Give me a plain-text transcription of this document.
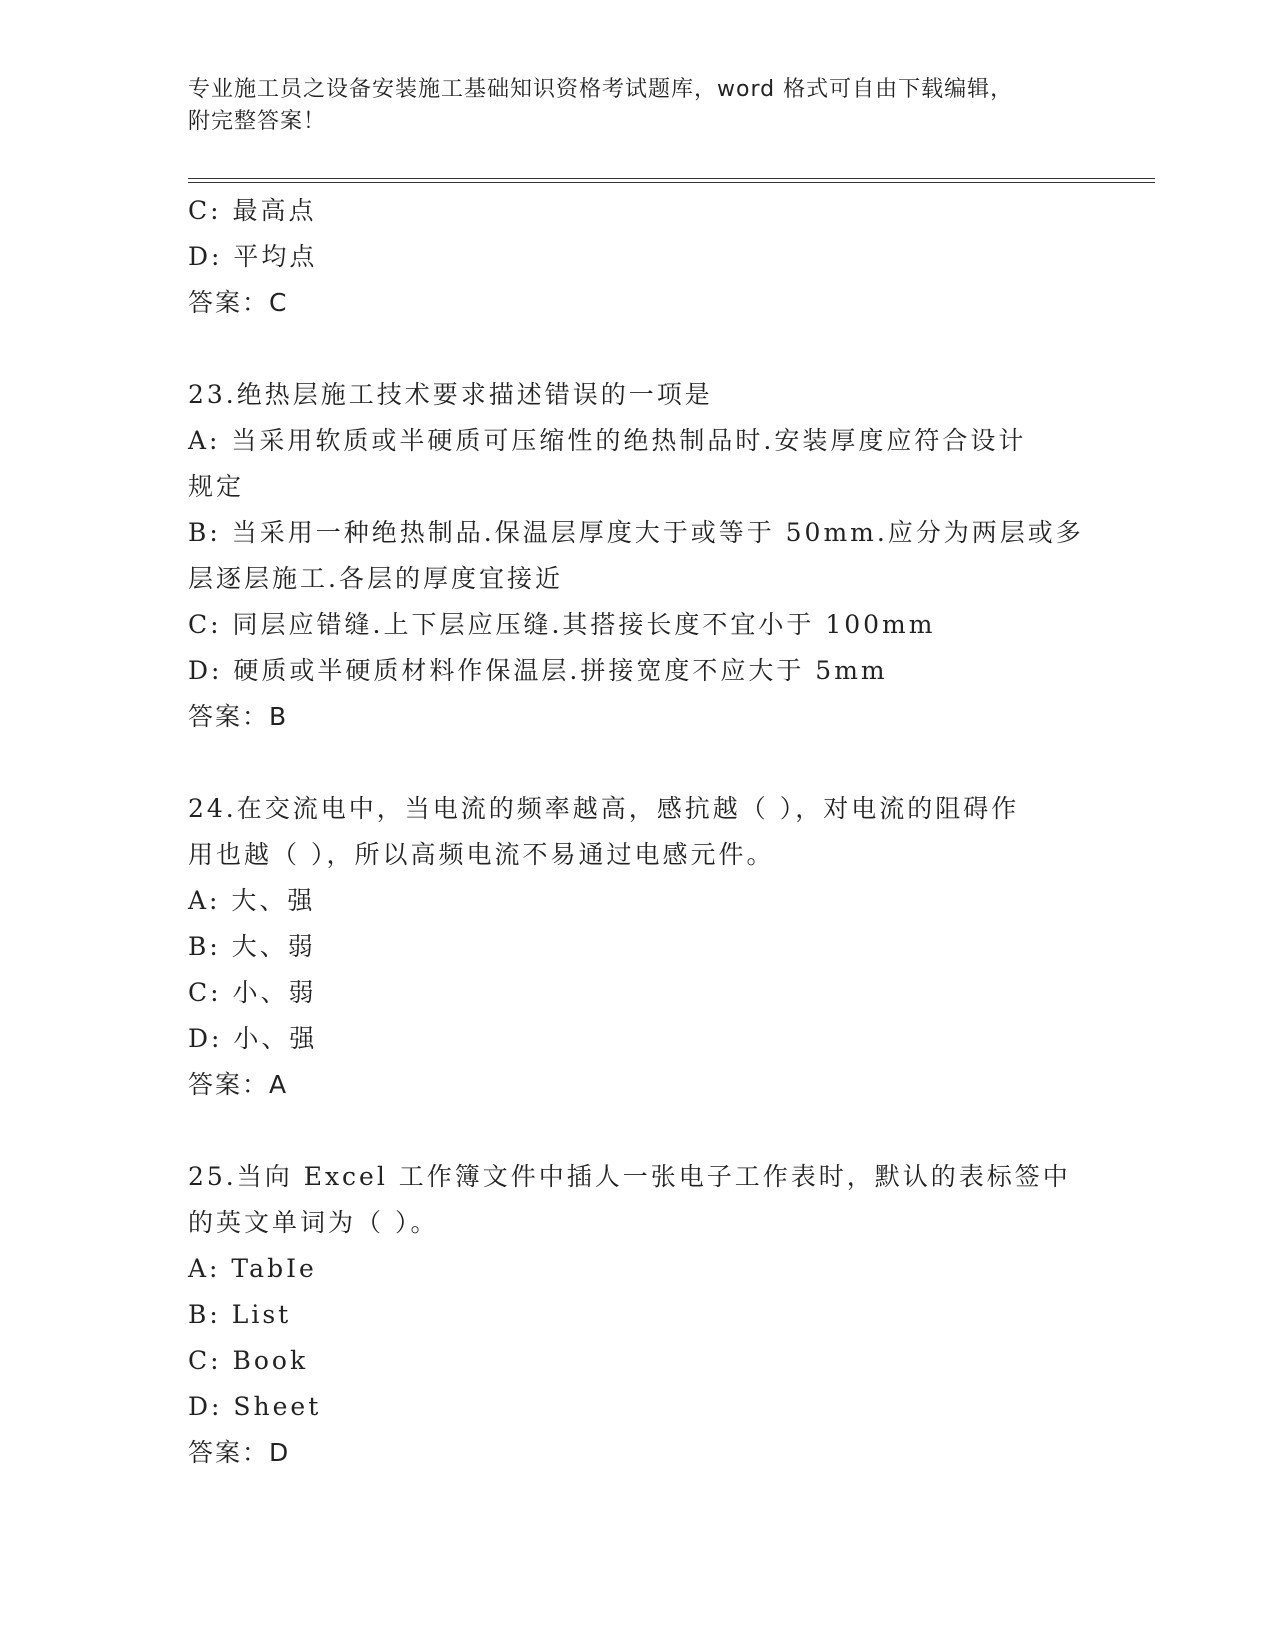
专业施工员之设备安装施工基础知识资格考试题库，word 格式可自由下载编辑，
附完整答案！
C: 最高点
D: 平均点
答案：C
23.绝热层施工技术要求描述错误的一项是
A: 当采用软质或半硬质可压缩性的绝热制品时.安装厚度应符合设计
规定
B: 当采用一种绝热制品.保温层厚度大于或等于 50mm.应分为两层或多
层逐层施工.各层的厚度宜接近
C: 同层应错缝.上下层应压缝.其搭接长度不宜小于 100mm
D: 硬质或半硬质材料作保温层.拼接宽度不应大于 5mm
答案：B
24.在交流电中，当电流的频率越高，感抗越（ ），对电流的阻碍作
用也越（ ），所以高频电流不易通过电感元件。
A: 大、强
B: 大、弱
C: 小、弱
D: 小、强
答案：A
25.当向 Excel 工作簿文件中插人一张电子工作表时，默认的表标签中
的英文单词为（ ）。
A: TabIe
B: List
C: Book
D: Sheet
答案：D
